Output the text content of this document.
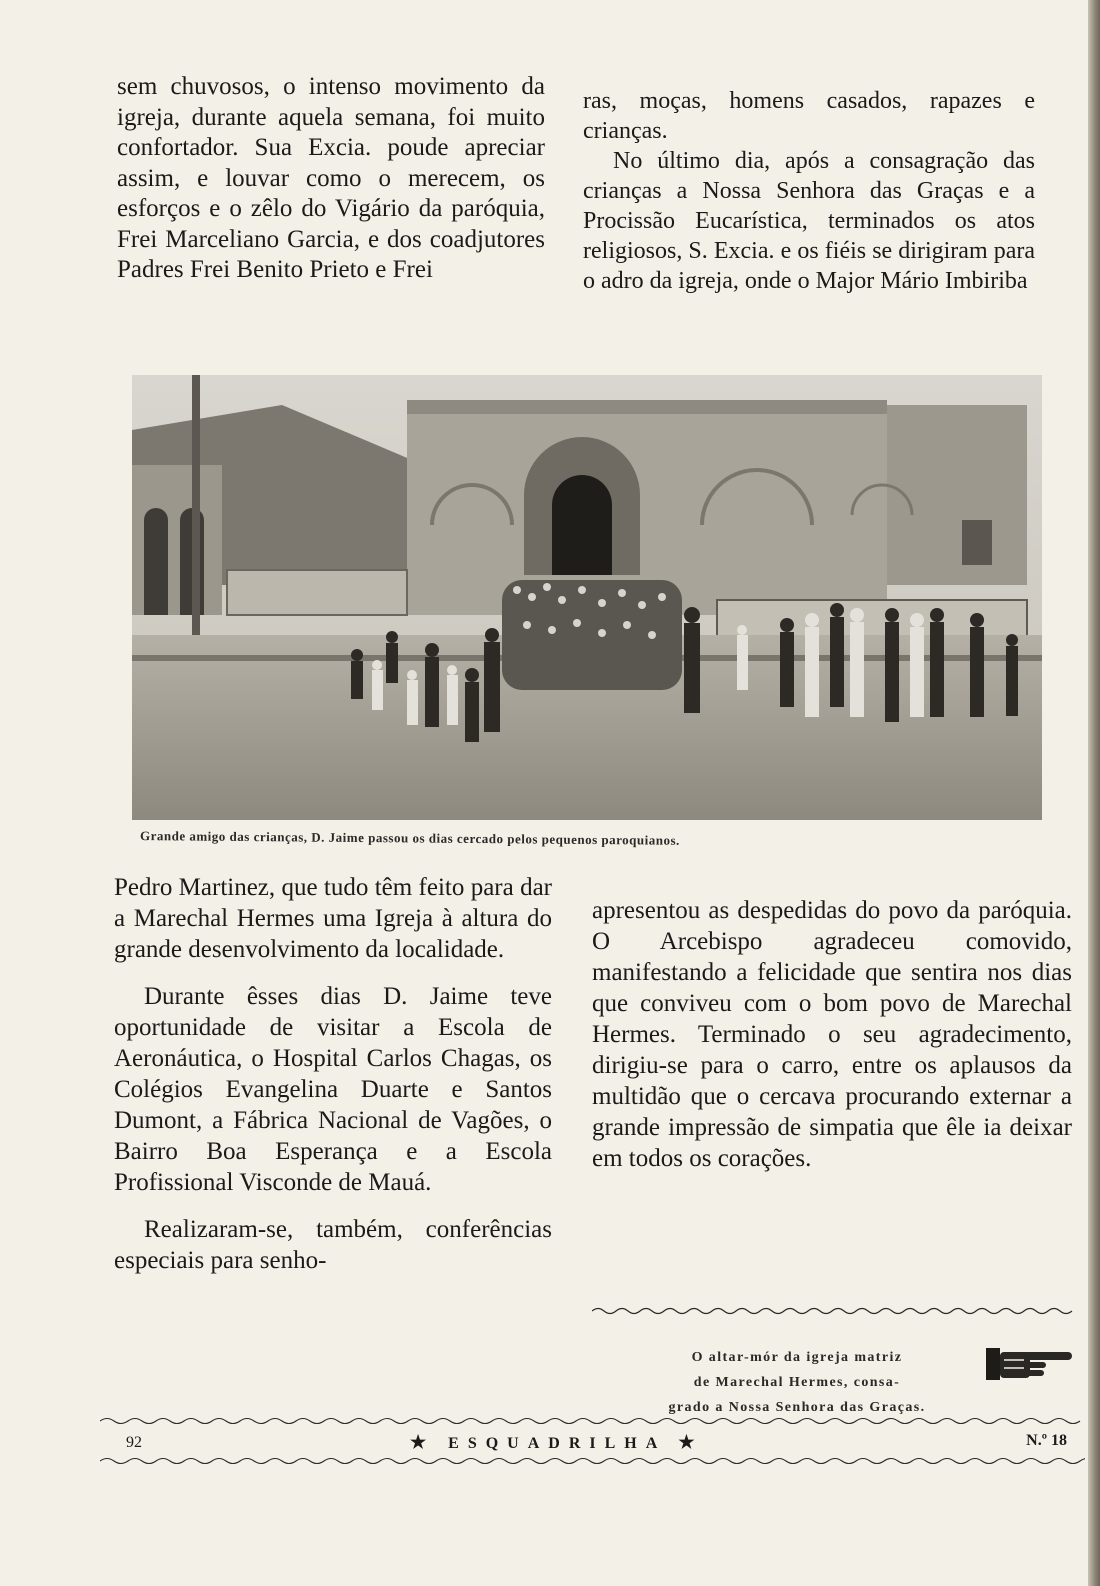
sem chuvosos, o intenso movimento da igreja, durante aquela semana, foi muito confortador. Sua Excia. poude apreciar assim, e louvar como o merecem, os esforços e o zêlo do Vigário da paróquia, Frei Marceliano Garcia, e dos coadjutores Padres Frei Benito Prieto e Frei

ras, moças, homens casados, rapazes e crianças.

No último dia, após a consagração das crianças a Nossa Senhora das Graças e a Procissão Eucarística, terminados os atos religiosos, S. Excia. e os fiéis se dirigiram para o adro da igreja, onde o Major Mário Imbiriba

Grande amigo das crianças, D. Jaime passou os dias cercado pelos pequenos paroquianos.

Pedro Martinez, que tudo têm feito para dar a Marechal Hermes uma Igreja à altura do grande desenvolvimento da localidade.

Durante êsses dias D. Jaime teve oportunidade de visitar a Escola de Aeronáutica, o Hospital Carlos Chagas, os Colégios Evangelina Duarte e Santos Dumont, a Fábrica Nacional de Vagões, o Bairro Boa Esperança e a Escola Profissional Visconde de Mauá.

Realizaram-se, também, conferências especiais para senho-

apresentou as despedidas do povo da paróquia. O Arcebispo agradeceu comovido, manifestando a felicidade que sentira nos dias que conviveu com o bom povo de Marechal Hermes. Terminado o seu agradecimento, dirigiu-se para o carro, entre os aplausos da multidão que o cercava procurando externar a grande impressão de simpatia que êle ia deixar em todos os corações.

O altar-mór da igreja matriz
de Marechal Hermes, consa-
grado a Nossa Senhora das Graças.
92	★ ESQUADRILHA ★	N.º 18
